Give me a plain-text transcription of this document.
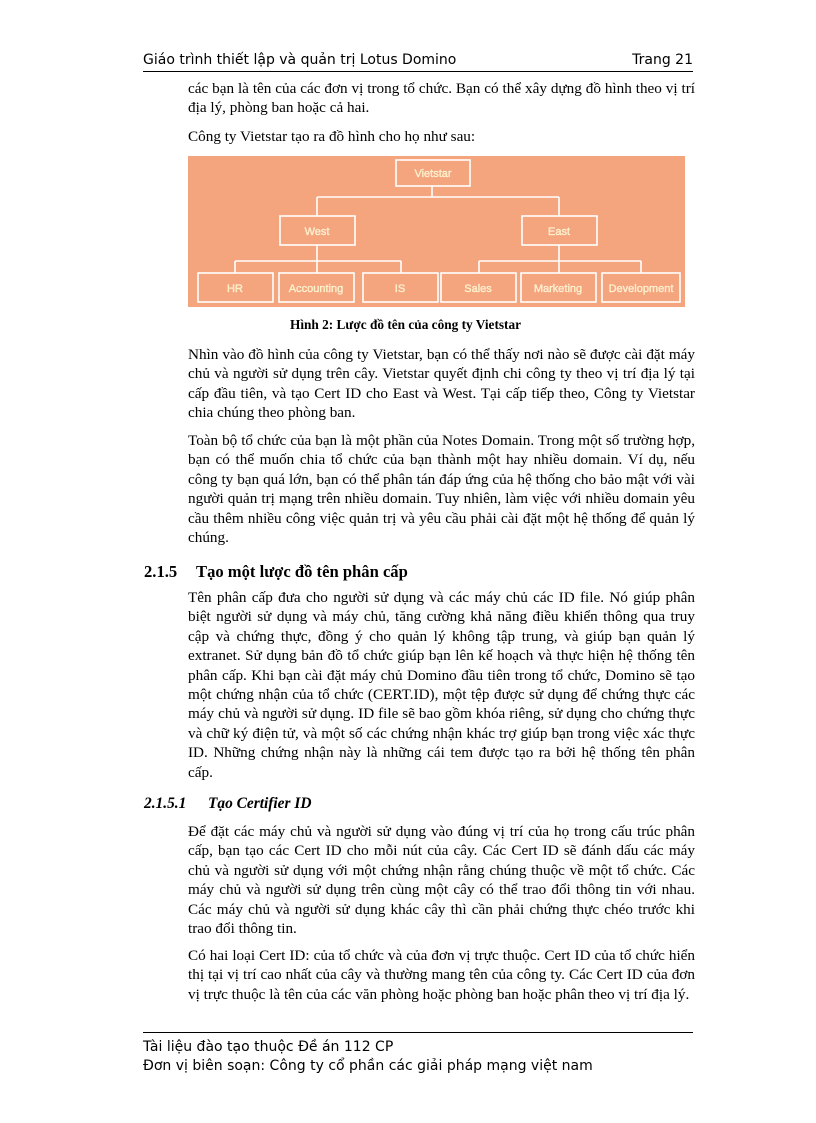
Giáo trình thiết lập và quản trị Lotus Domino	Trang 21

các bạn là tên của các đơn vị trong tổ chức. Bạn có thể xây dựng đồ hình theo vị trí địa lý, phòng ban hoặc cả hai.

Công ty Vietstar tạo ra đồ hình cho họ như sau:

Vietstar
West	East
HR	Accounting	IS	Sales	Marketing Development
Hình 2: Lược đồ tên của công ty Vietstar

Nhìn vào đồ hình của công ty Vietstar, bạn có thể thấy nơi nào sẽ được cài đặt máy chủ và người sử dụng trên cây. Vietstar quyết định chi công ty theo vị trí địa lý tại cấp đầu tiên, và tạo Cert ID cho East và West. Tại cấp tiếp theo, Công ty Vietstar chia chúng theo phòng ban.

Toàn bộ tổ chức của bạn là một phần của Notes Domain. Trong một số trường hợp, bạn có thể muốn chia tổ chức của bạn thành một hay nhiều domain. Ví dụ, nếu công ty bạn quá lớn, bạn có thể phân tán đáp ứng của hệ thống cho bảo mật với vài người quản trị mạng trên nhiều domain. Tuy nhiên, làm việc với nhiều domain yêu cầu thêm nhiều công việc quản trị và yêu cầu phải cài đặt một hệ thống để quản lý chúng.

2.1.5 Tạo một lược đồ tên phân cấp

Tên phân cấp đưa cho người sử dụng và các máy chủ các ID file. Nó giúp phân biệt người sử dụng và máy chủ, tăng cường khả năng điều khiển thông qua truy cập và chứng thực, đồng ý cho quản lý không tập trung, và giúp bạn quản lý extranet. Sử dụng bản đồ tổ chức giúp bạn lên kế hoạch và thực hiện hệ thống tên phân cấp. Khi bạn cài đặt máy chủ Domino đầu tiên trong tổ chức, Domino sẽ tạo một chứng nhận của tổ chức (CERT.ID), một tệp được sử dụng để chứng thực các máy chủ và người sử dụng. ID file sẽ bao gồm khóa riêng, sử dụng cho chứng thực và chữ ký điện tử, và một số các chứng nhận khác trợ giúp bạn trong việc xác thực ID. Những chứng nhận này là những cái tem được tạo ra bởi hệ thống tên phân cấp.

2.1.5.1 Tạo Certifier ID

Để đặt các máy chủ và người sử dụng vào đúng vị trí của họ trong cấu trúc phân cấp, bạn tạo các Cert ID cho mỗi nút của cây. Các Cert ID sẽ đánh dấu các máy chủ và người sử dụng với một chứng nhận rằng chúng thuộc về một tổ chức. Các máy chủ và người sử dụng trên cùng một cây có thể trao đổi thông tin với nhau. Các máy chủ và người sử dụng khác cây thì cần phải chứng thực chéo trước khi trao đổi thông tin.

Có hai loại Cert ID: của tổ chức và của đơn vị trực thuộc. Cert ID của tổ chức hiển thị tại vị trí cao nhất của cây và thường mang tên của công ty. Các Cert ID của đơn vị trực thuộc là tên của các văn phòng hoặc phòng ban hoặc phân theo vị trí địa lý.

Tài liệu đào tạo thuộc Đề án 112 CP
Đơn vị biên soạn: Công ty cổ phần các giải pháp mạng việt nam
